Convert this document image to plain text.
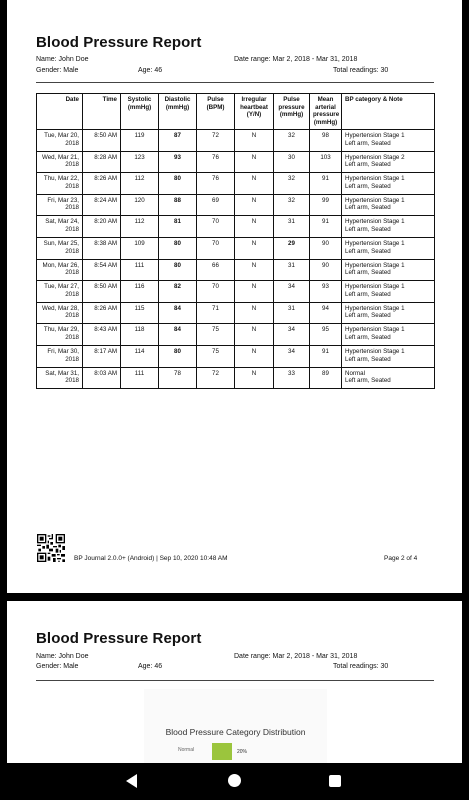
Blood Pressure Report
Name: John Doe
Gender: Male	Age: 46
Date range: Mar 2, 2018 - Mar 31, 2018
Total readings: 30
Date	Time	Systolic (mmHg)	Diastolic (mmHg)	Pulse (BPM)	Irregular heartbeat (Y/N)	Pulse pressure (mmHg)	Mean arterial pressure (mmHg)	BP category & Note
Tue, Mar 20, 2018	8:50 AM	119	87	72	N	32	98	Hypertension Stage 1
Left arm, Seated

Wed, Mar 21, 2018	8:28 AM	123	93	76	N	30	103	Hypertension Stage 2
Left arm, Seated

Thu, Mar 22, 2018	8:26 AM	112	80	76	N	32	91	Hypertension Stage 1
Left arm, Seated

Fri, Mar 23, 2018	8:24 AM	120	88	69	N	32	99	Hypertension Stage 1
Left arm, Seated

Sat, Mar 24, 2018	8:20 AM	112	81	70	N	31	91	Hypertension Stage 1
Left arm, Seated

Sun, Mar 25, 2018	8:38 AM	109	80	70	N	29	90	Hypertension Stage 1
Left arm, Seated

Mon, Mar 26, 2018	8:54 AM	111	80	66	N	31	90	Hypertension Stage 1
Left arm, Seated

Tue, Mar 27, 2018	8:50 AM	116	82	70	N	34	93	Hypertension Stage 1
Left arm, Seated

Wed, Mar 28, 2018	8:26 AM	115	84	71	N	31	94	Hypertension Stage 1
Left arm, Seated

Thu, Mar 29, 2018	8:43 AM	118	84	75	N	34	95	Hypertension Stage 1
Left arm, Seated

Fri, Mar 30, 2018	8:17 AM	114	80	75	N	34	91	Hypertension Stage 1
Left arm, Seated

Sat, Mar 31, 2018	8:03 AM	111	78	72	N	33	89	Normal
Left arm, Seated
BP Journal 2.0.0+ (Android) | Sep 10, 2020 10:48 AM	Page 2 of 4
Blood Pressure Report
Name: John Doe
Gender: Male	Age: 46
Date range: Mar 2, 2018 - Mar 31, 2018
Total readings: 30
Blood Pressure Category Distribution
Normal	20%
